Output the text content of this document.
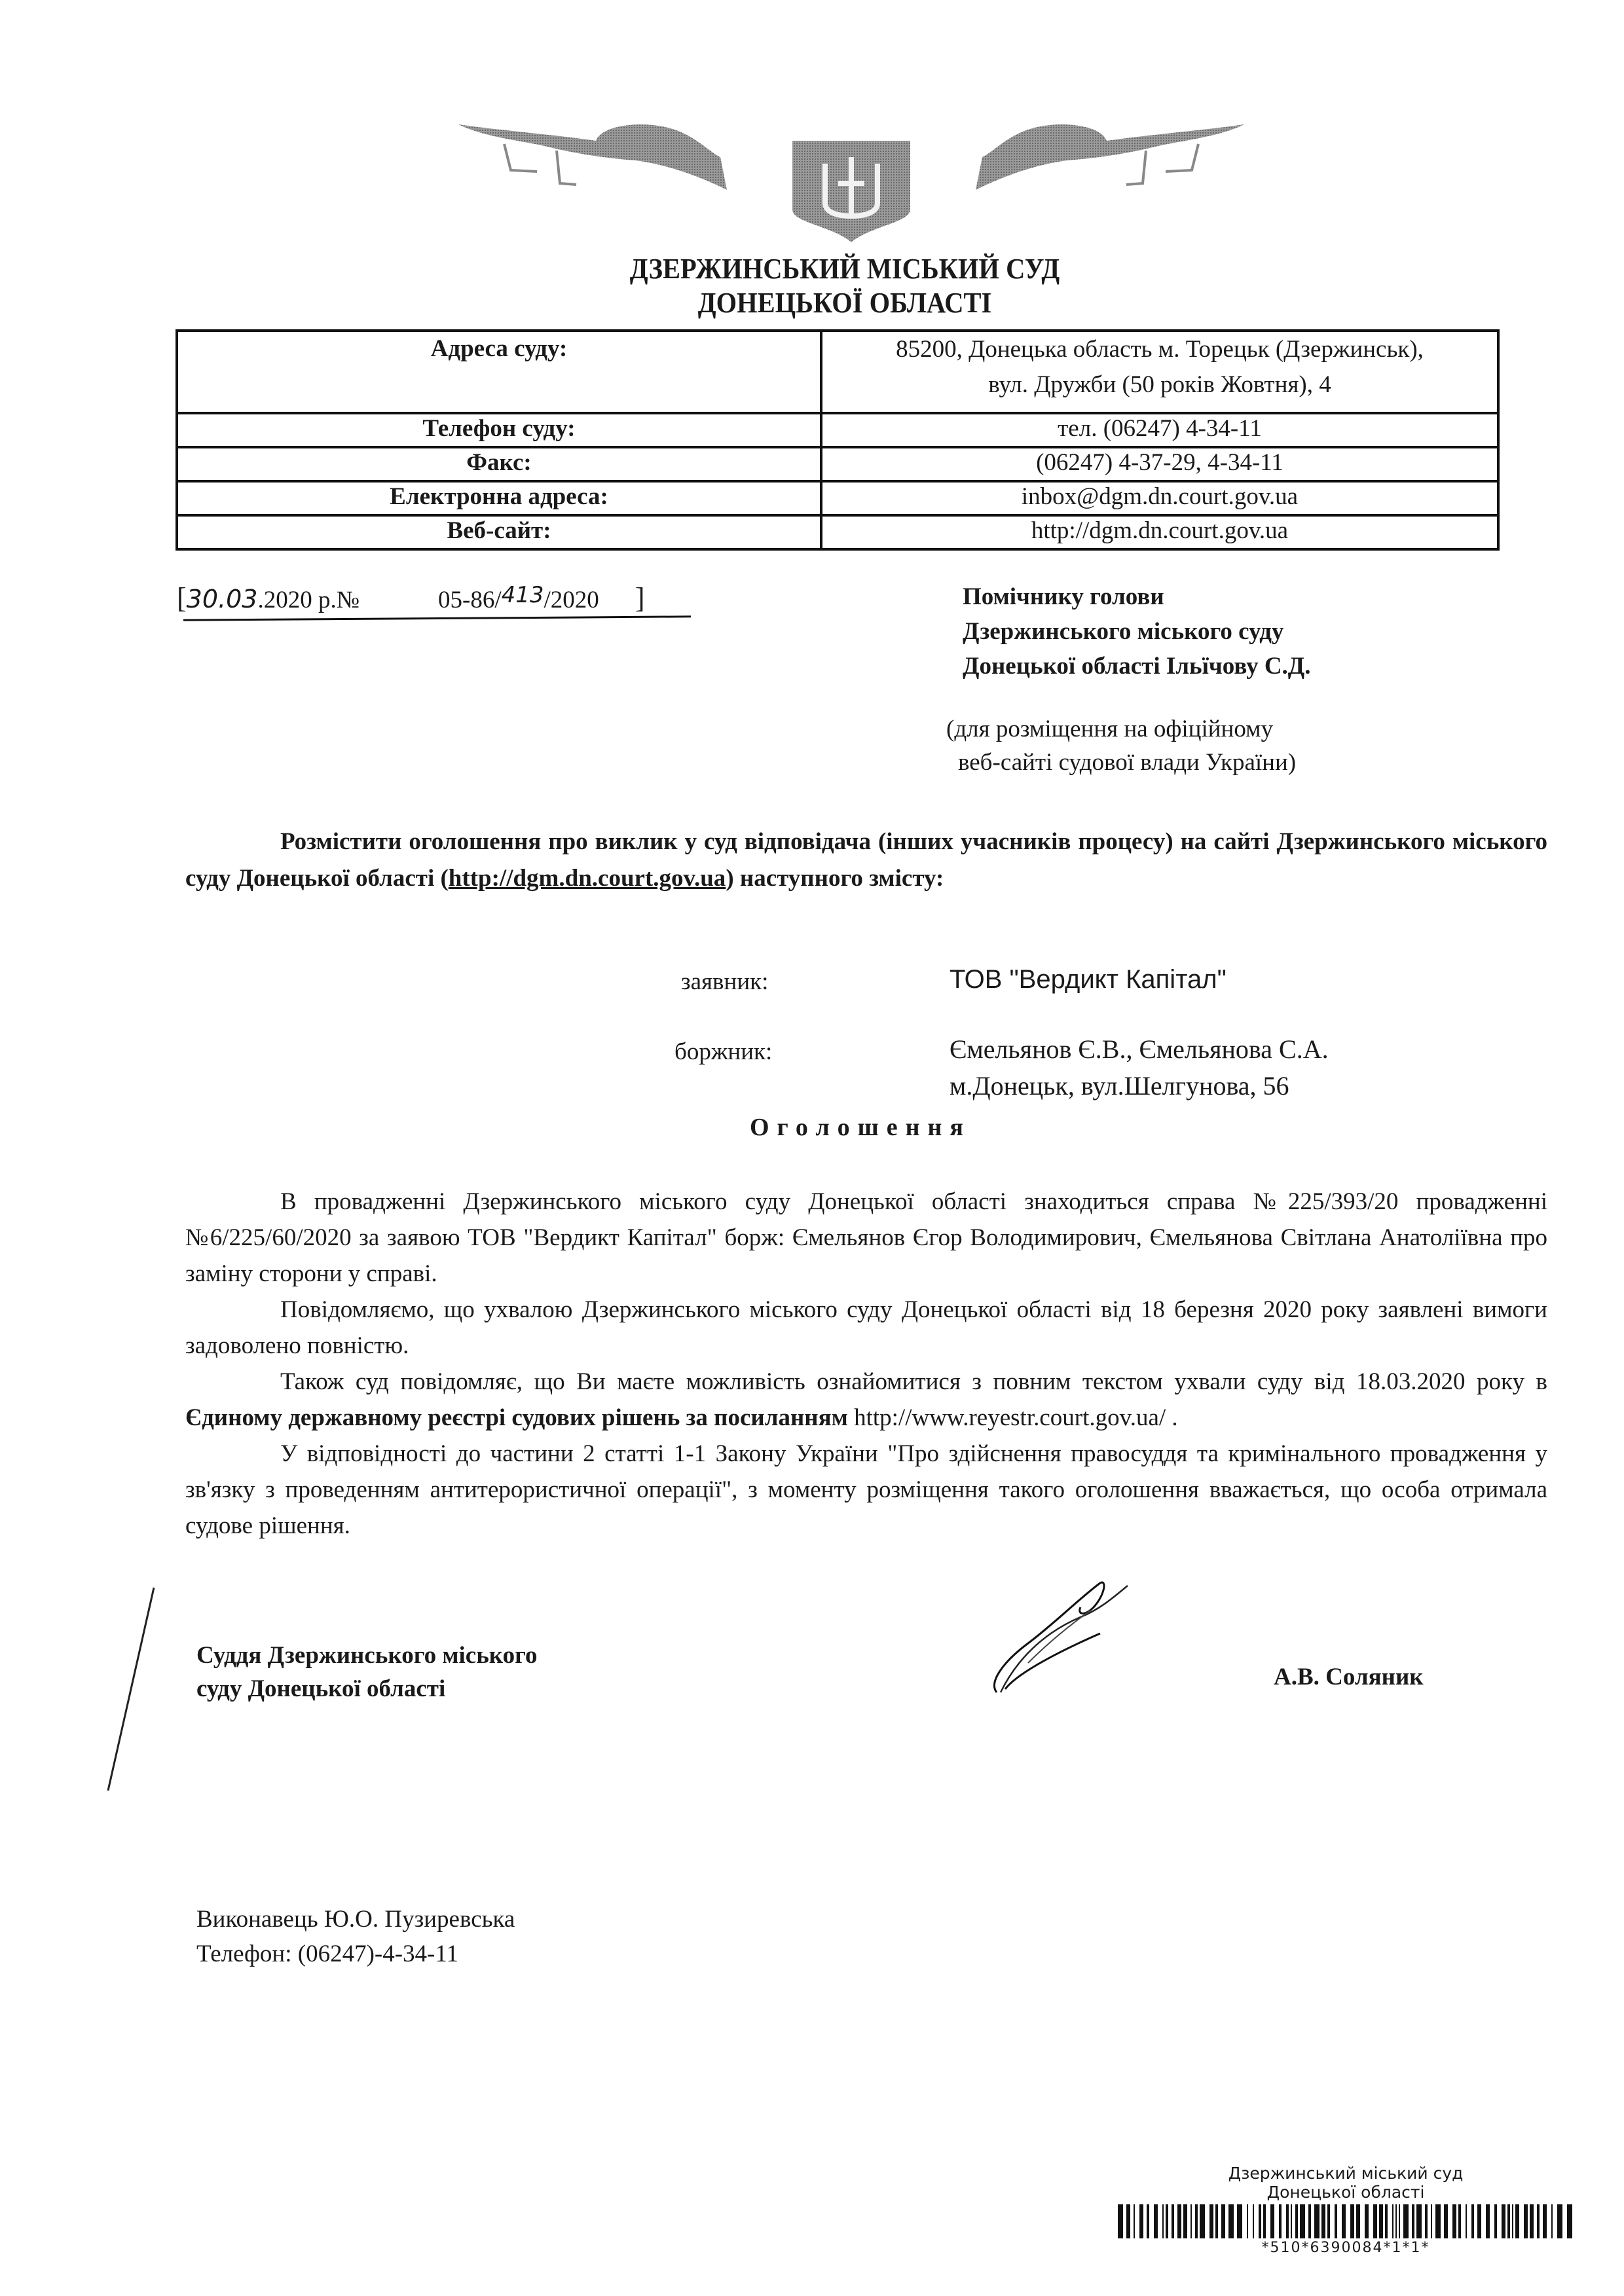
ДЗЕРЖИНСЬКИЙ МІСЬКИЙ СУД
ДОНЕЦЬКОЇ ОБЛАСТІ
Адреса суду:	85200, Донецька область м. Торецьк (Дзержинськ),
вул. Дружби (50 років Жовтня), 4

Телефон суду:	тел. (06247) 4-34-11
Факс:	(06247) 4-37-29, 4-34-11
Електронна адреса:	inbox@dgm.dn.court.gov.ua
Веб-сайт:	http://dgm.dn.court.gov.ua
[30.03.2020 р.№	05-86/413/2020 ]	Помічнику голови
Дзержинського міського суду
Донецької області Ільїчову С.Д.
(для розміщення на офіційному
веб-сайті судової влади України)
Розмістити оголошення про виклик у суд відповідача (інших учасників процесу) на сайті Дзержинського міського суду Донецької області (http://dgm.dn.court.gov.ua) наступного змісту:
заявник:	ТОВ "Вердикт Капітал"
боржник:	Ємельянов Є.В., Ємельянова С.А.
м.Донецьк, вул.Шелгунова, 56
Оголошення

В провадженні Дзержинського міського суду Донецької області знаходиться справа №225/393/20 провадженні №6/225/60/2020 за заявою ТОВ "Вердикт Капітал" борж: Ємельянов Єгор Володимирович, Ємельянова Світлана Анатоліївна про заміну сторони у справі.

Повідомляємо, що ухвалою Дзержинського міського суду Донецької області від 18 березня 2020 року заявлені вимоги задоволено повністю.

Також суд повідомляє, що Ви маєте можливість ознайомитися з повним текстом ухвали суду від 18.03.2020 року в Єдиному державному реєстрі судових рішень за посиланням http://www.reyestr.court.gov.ua/ .

У відповідності до частини 2 статті 1-1 Закону України "Про здійснення правосуддя та кримінального провадження у зв'язку з проведенням антитерористичної операції", з моменту розміщення такого оголошення вважається, що особа отримала судове рішення.

Суддя Дзержинського міського
суду Донецької області	А.В. Соляник
Виконавець Ю.О. Пузиревська
Телефон: (06247)-4-34-11
Дзержинський міський суд
Донецької області
*510*6390084*1*1*
